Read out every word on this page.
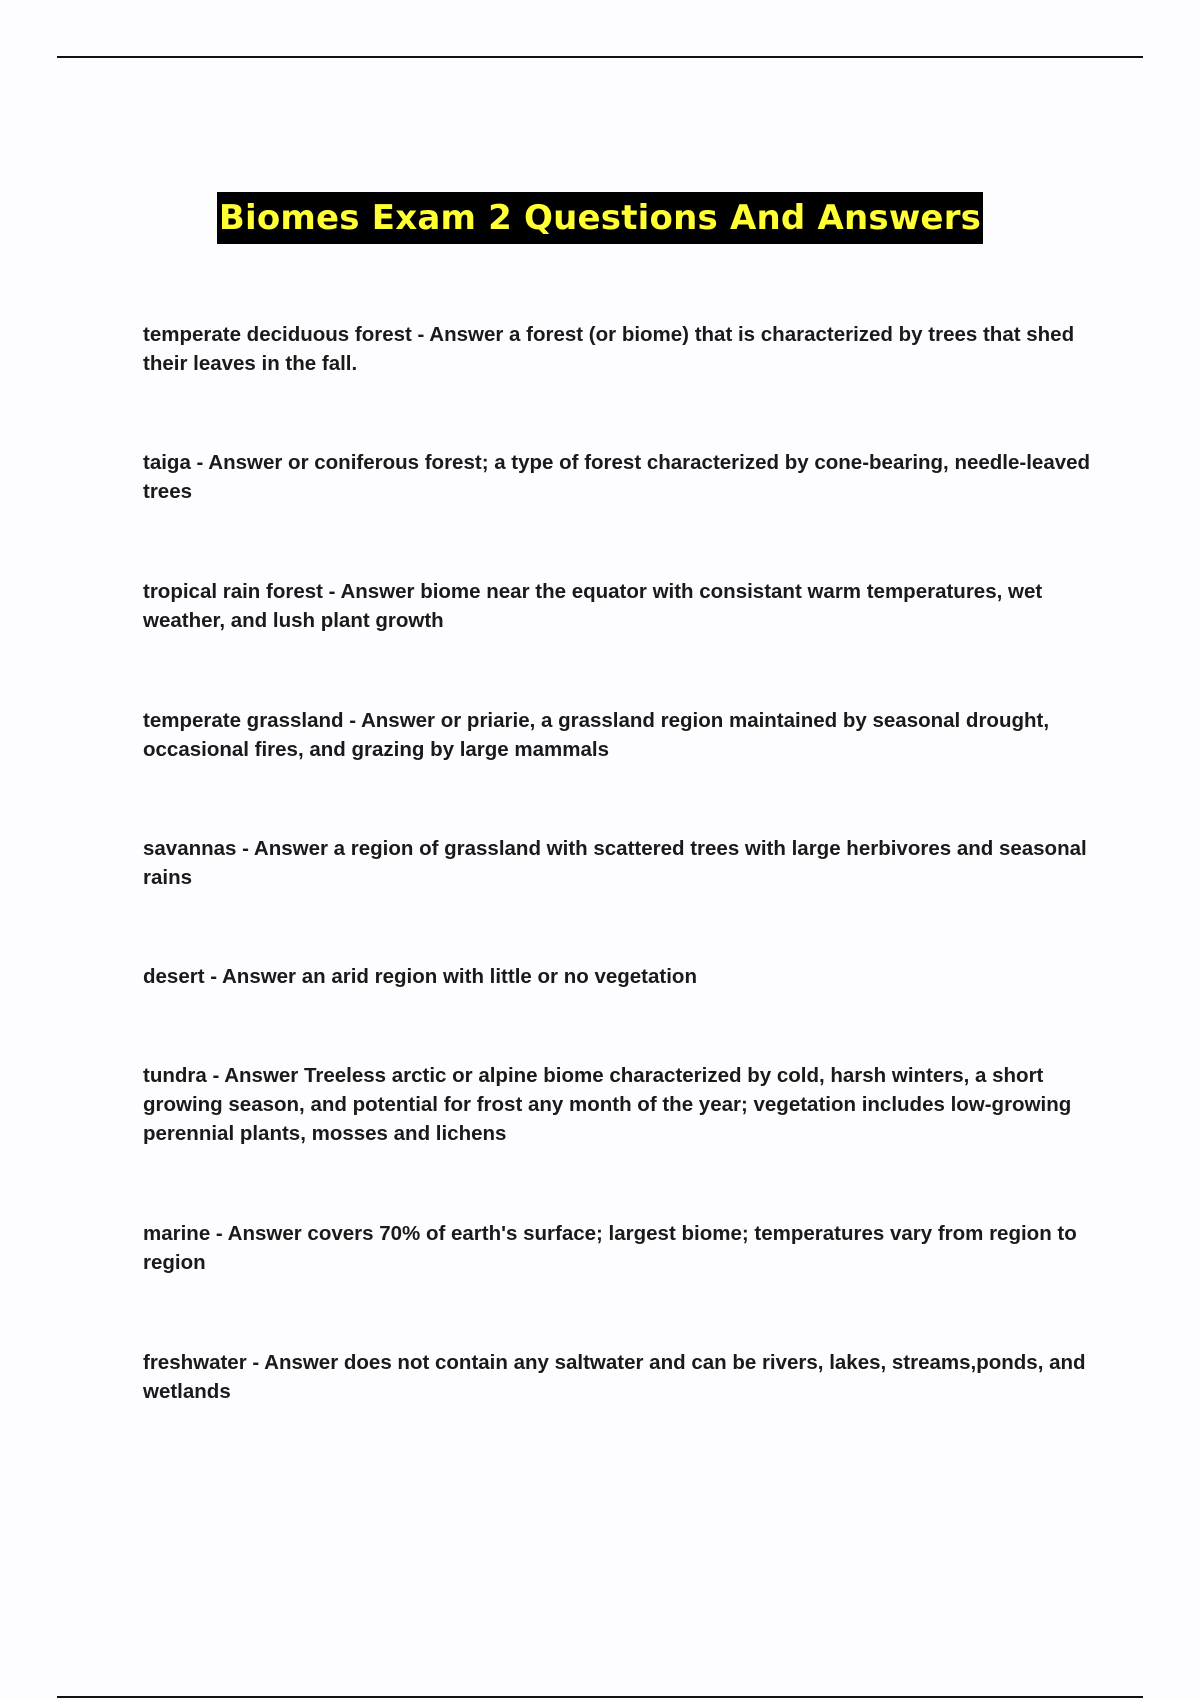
Biomes Exam 2 Questions And Answers
temperate deciduous forest - Answer a forest (or biome) that is characterized by trees that shed their leaves in the fall.
taiga - Answer or coniferous forest; a type of forest characterized by cone-bearing, needle-leaved trees
tropical rain forest - Answer biome near the equator with consistant warm temperatures, wet weather, and lush plant growth
temperate grassland - Answer or priarie, a grassland region maintained by seasonal drought, occasional fires, and grazing by large mammals
savannas - Answer a region of grassland with scattered trees with large herbivores and seasonal rains
desert - Answer an arid region with little or no vegetation
tundra - Answer Treeless arctic or alpine biome characterized by cold, harsh winters, a short growing season, and potential for frost any month of the year; vegetation includes low-growing perennial plants, mosses and lichens
marine - Answer covers 70% of earth's surface; largest biome; temperatures vary from region to region
freshwater - Answer does not contain any saltwater and can be rivers, lakes, streams,ponds, and wetlands
